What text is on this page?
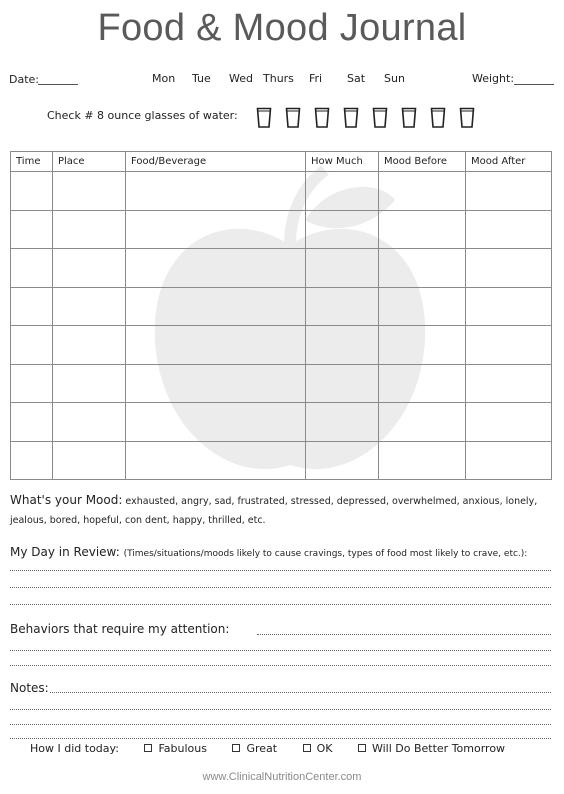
Food & Mood Journal
Date:	Mon Tue Wed Thurs Fri Sat Sun	Weight:
Check # 8 ounce glasses of water:
Time	Place	Food/Beverage	How Much	Mood Before	Mood After

What's your Mood: exhausted, angry, sad, frustrated, stressed, depressed, overwhelmed, anxious, lonely, jealous, bored, hopeful, con dent, happy, thrilled, etc.
My Day in Review: (Times/situations/moods likely to cause cravings, types of food most likely to crave, etc.):
Behaviors that require my attention:
Notes:
How I did today:	Fabulous	Great	OK	Will Do Better Tomorrow
www.ClinicalNutritionCenter.com
